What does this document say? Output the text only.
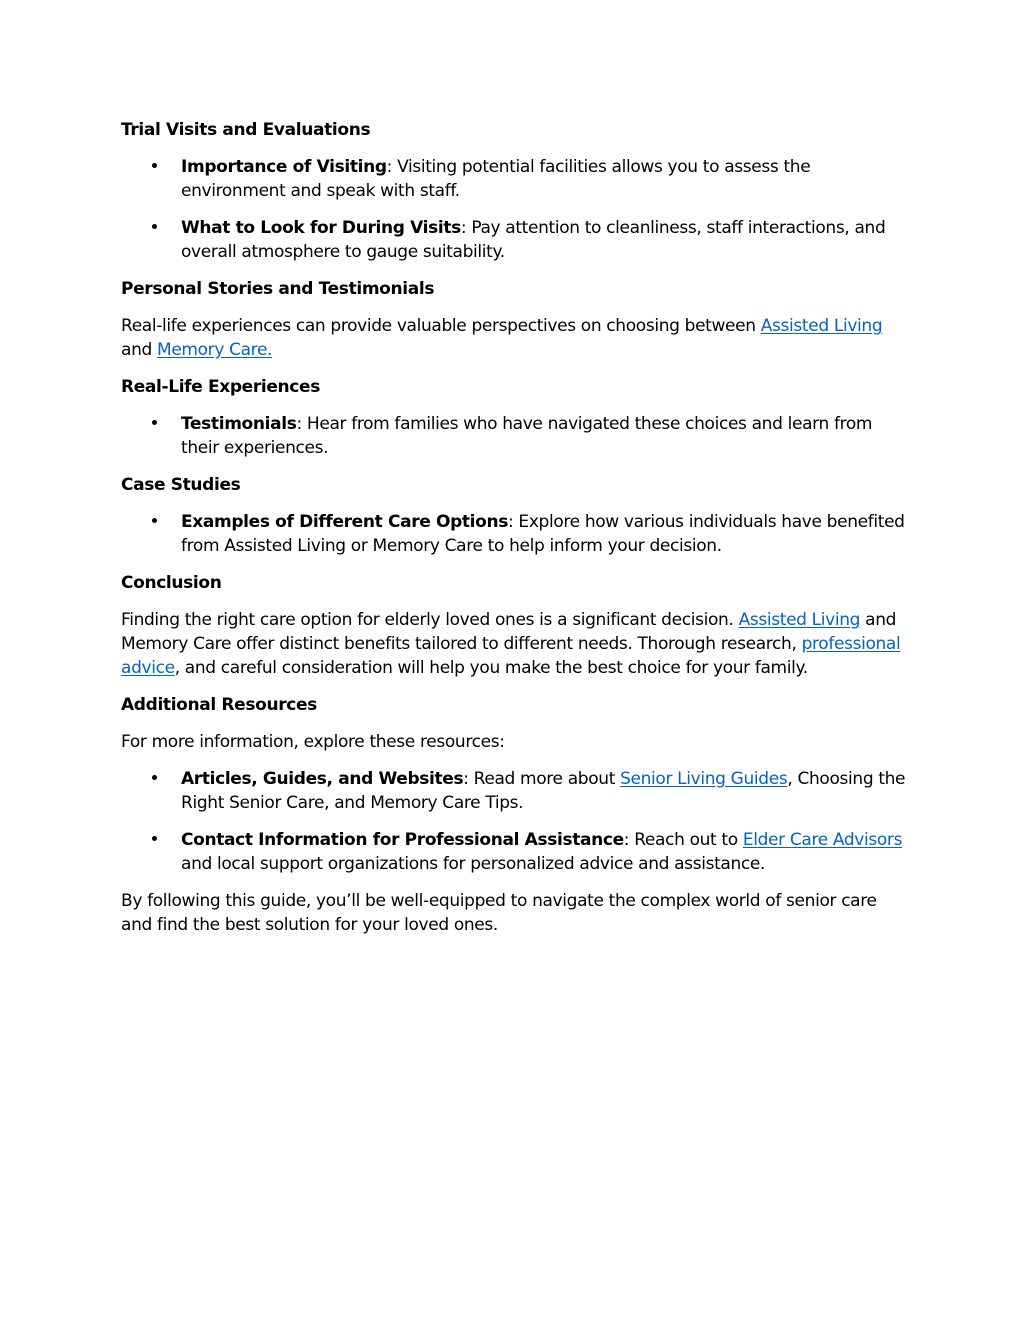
Trial Visits and Evaluations
Importance of Visiting: Visiting potential facilities allows you to assess the environment and speak with staff.
What to Look for During Visits: Pay attention to cleanliness, staff interactions, and overall atmosphere to gauge suitability.
Personal Stories and Testimonials

Real-life experiences can provide valuable perspectives on choosing between Assisted Living and Memory Care.

Real-Life Experiences
Testimonials: Hear from families who have navigated these choices and learn from their experiences.
Case Studies
Examples of Different Care Options: Explore how various individuals have benefited from Assisted Living or Memory Care to help inform your decision.
Conclusion

Finding the right care option for elderly loved ones is a significant decision. Assisted Living and Memory Care offer distinct benefits tailored to different needs. Thorough research, professional advice, and careful consideration will help you make the best choice for your family.

Additional Resources

For more information, explore these resources:

Articles, Guides, and Websites: Read more about Senior Living Guides, Choosing the Right Senior Care, and Memory Care Tips.
Contact Information for Professional Assistance: Reach out to Elder Care Advisors and local support organizations for personalized advice and assistance.

By following this guide, you’ll be well-equipped to navigate the complex world of senior care and find the best solution for your loved ones.
